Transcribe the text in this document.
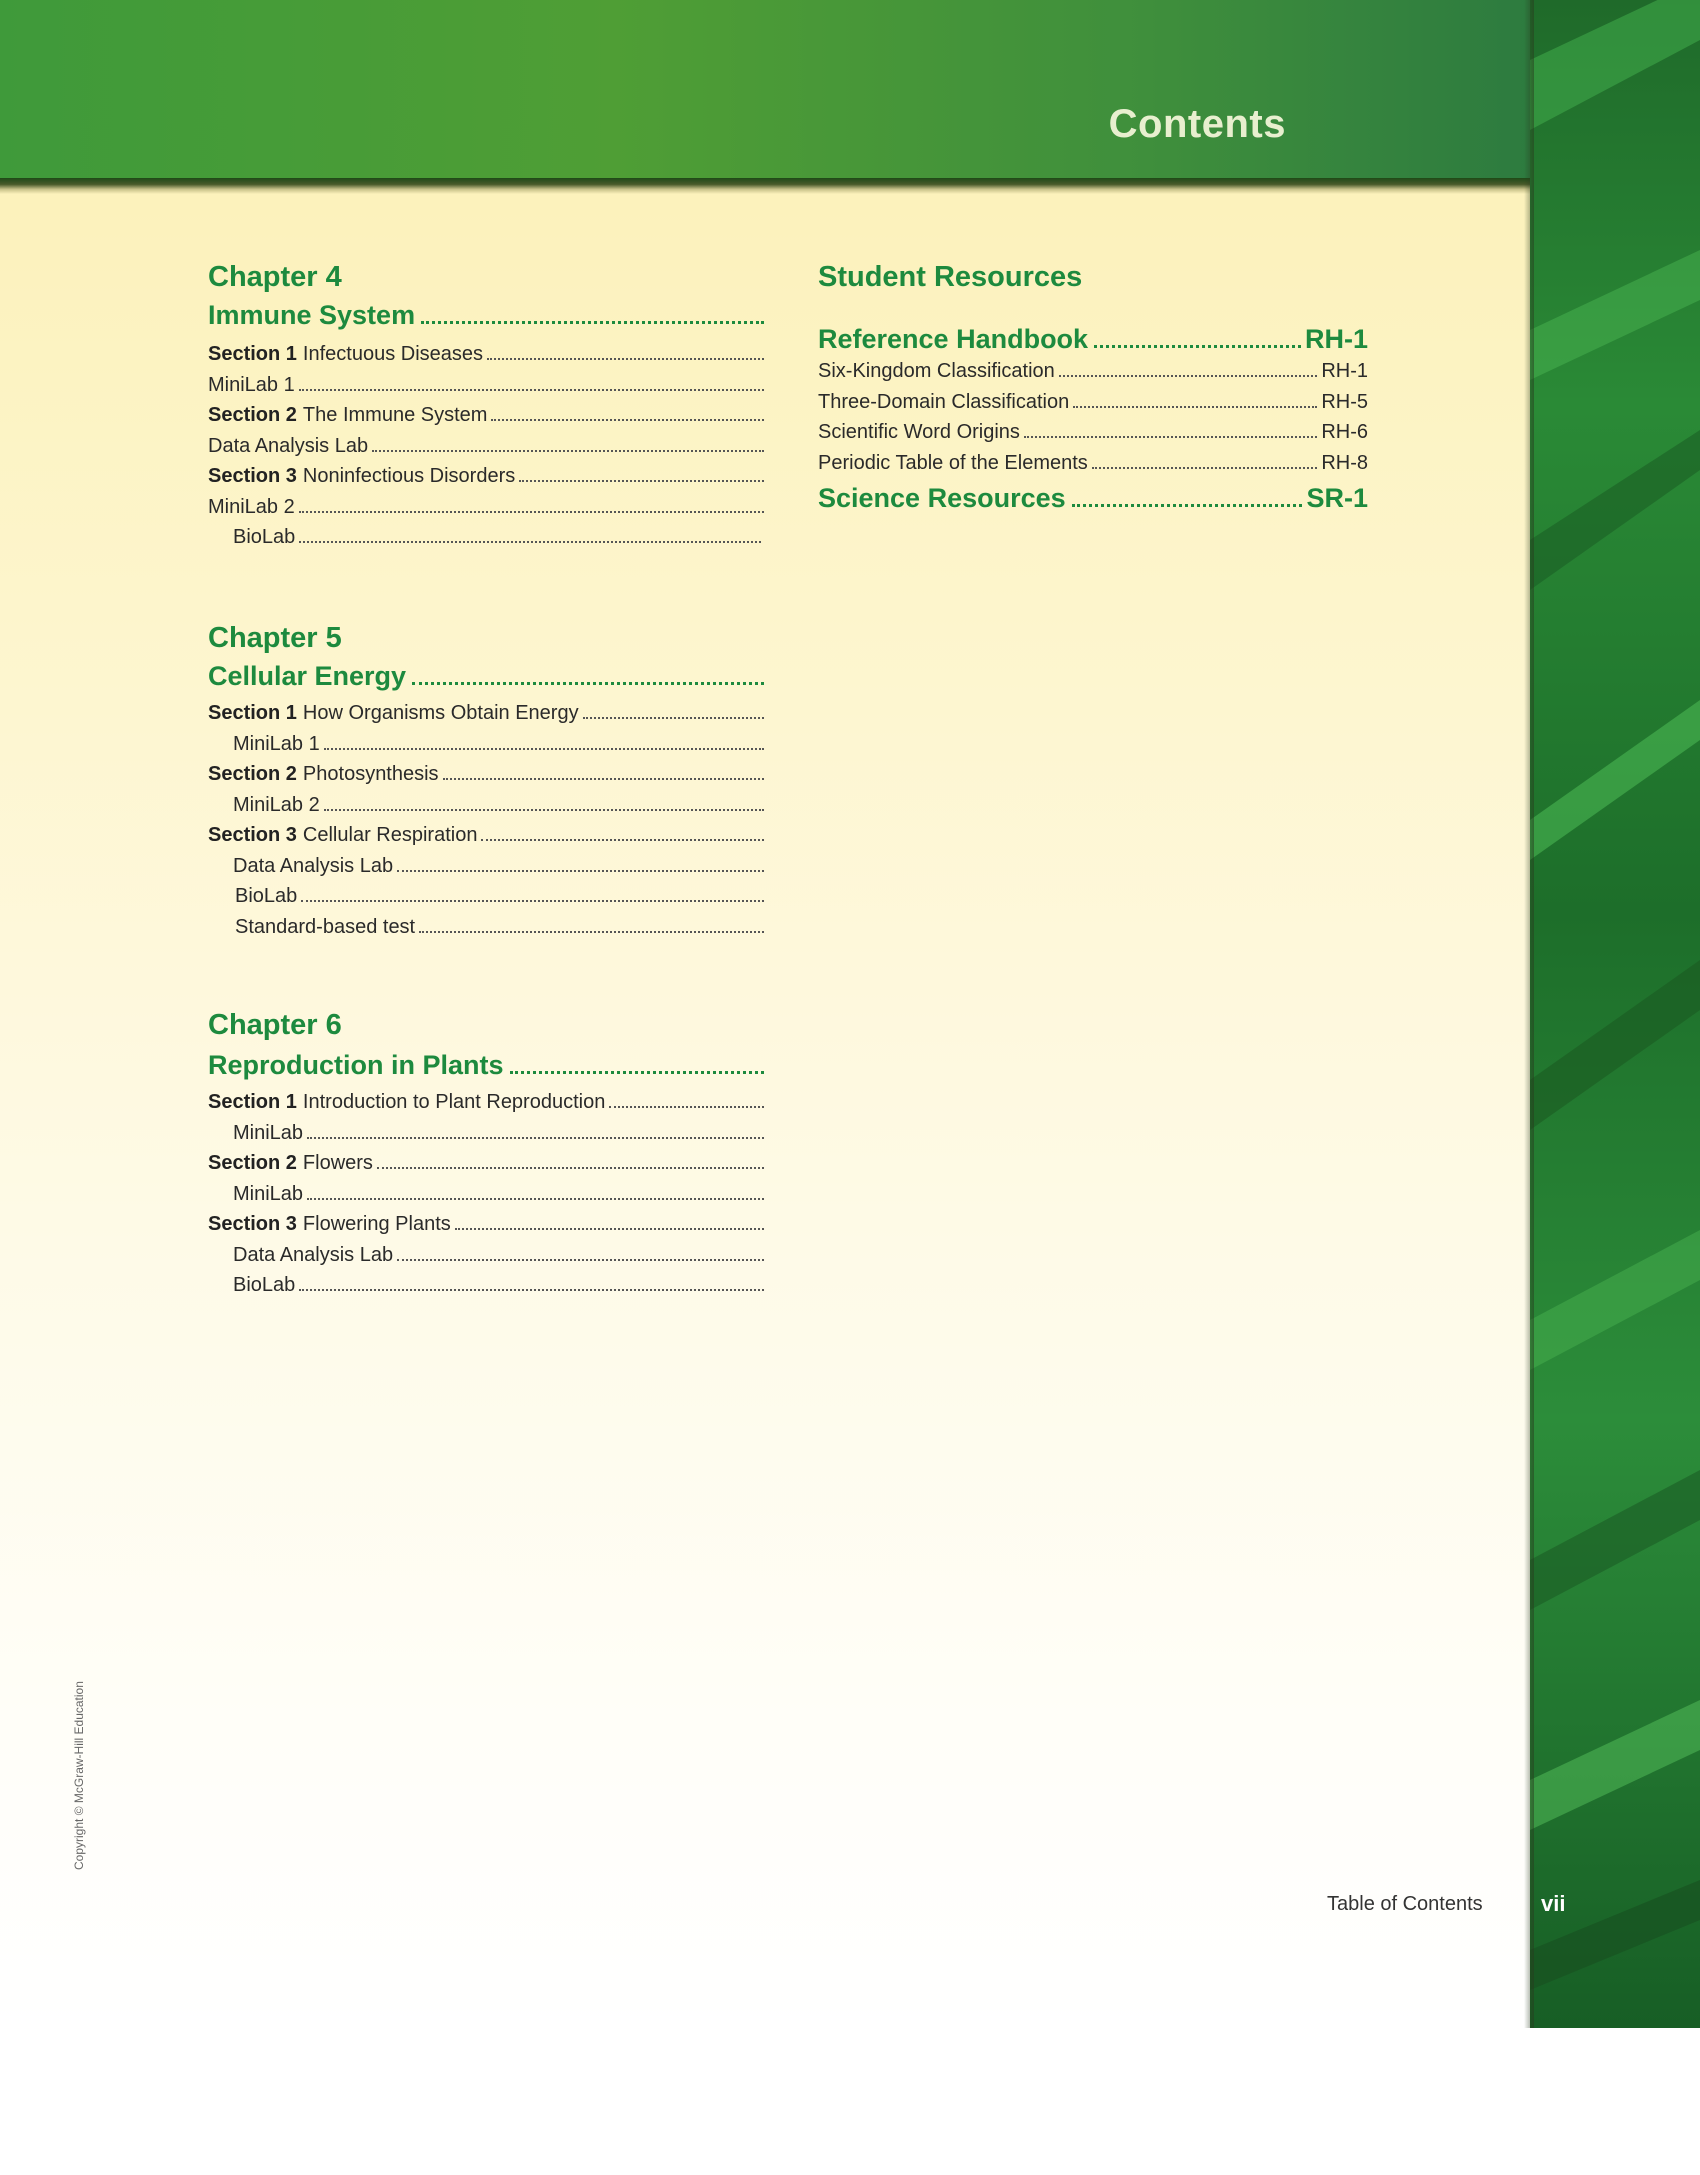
Contents
Chapter 4
Immune System
Section 1 Infectuous Diseases
MiniLab 1
Section 2 The Immune System
Data Analysis Lab
Section 3 Noninfectious Disorders
MiniLab 2
BioLab
Chapter 5
Cellular Energy
Section 1 How Organisms Obtain Energy
MiniLab 1
Section 2 Photosynthesis
MiniLab 2
Section 3 Cellular Respiration
Data Analysis Lab
BioLab
Standard-based test
Chapter 6
Reproduction in Plants
Section 1 Introduction to Plant Reproduction
MiniLab
Section 2 Flowers
MiniLab
Section 3 Flowering Plants
Data Analysis Lab
BioLab
Student Resources
Reference Handbook	RH-1
Six-Kingdom Classification	RH-1
Three-Domain Classification	RH-5
Scientific Word Origins	RH-6
Periodic Table of the Elements	RH-8
Science Resources	SR-1
Copyright © McGraw-Hill Education
Table of Contents	vii
